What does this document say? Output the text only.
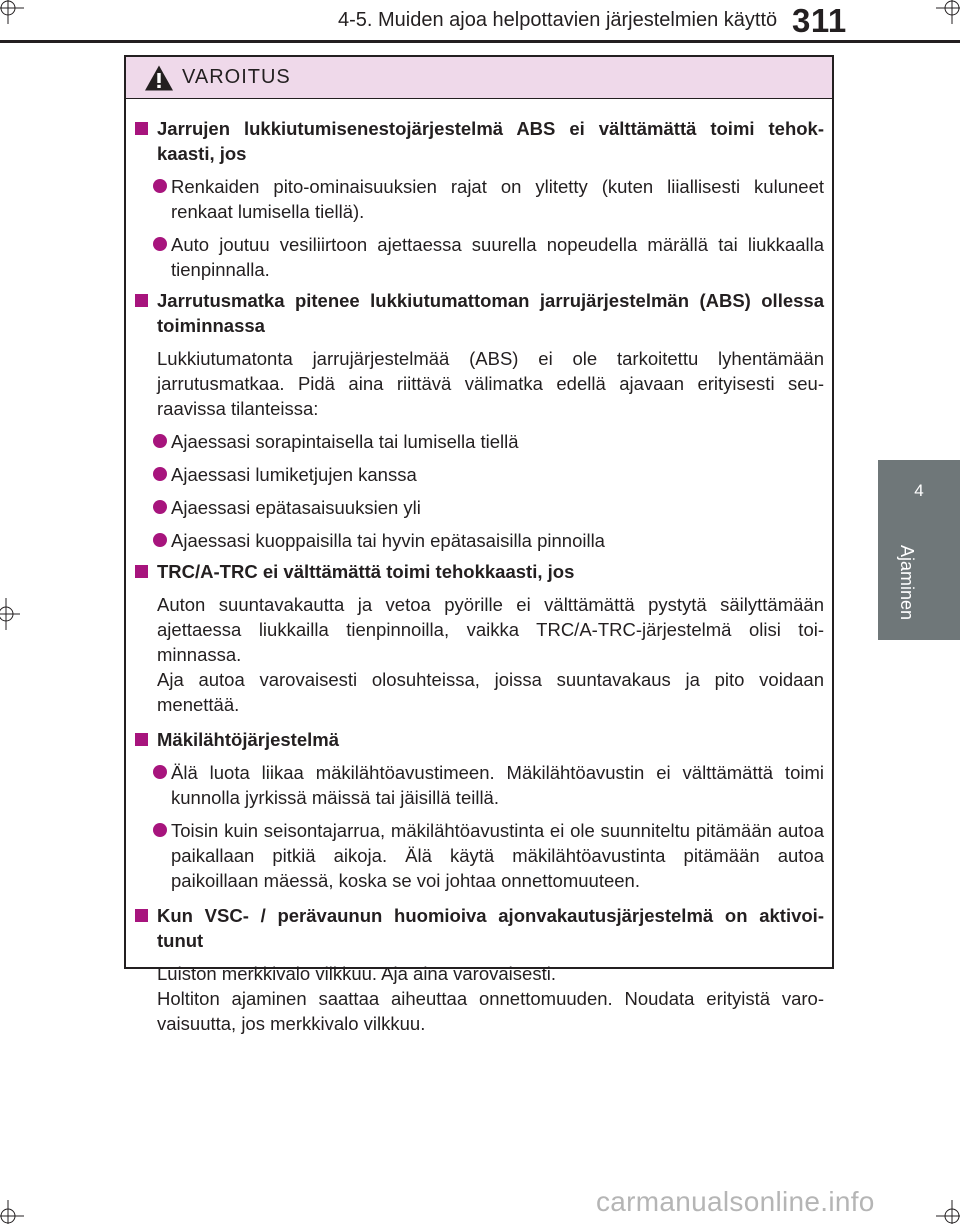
4-5. Muiden ajoa helpottavien järjestelmien käyttö 311
4
Ajaminen
VAROITUS
Jarrujen lukkiutumisenestojärjestelmä ABS ei välttämättä toimi tehok-kaasti, jos
Renkaiden pito-ominaisuuksien rajat on ylitetty (kuten liiallisesti kuluneet renkaat lumisella tiellä).
Auto joutuu vesiliirtoon ajettaessa suurella nopeudella märällä tai liukkaalla tienpinnalla.
Jarrutusmatka pitenee lukkiutumattoman jarrujärjestelmän (ABS) ollessa toiminnassa
Lukkiutumatonta jarrujärjestelmää (ABS) ei ole tarkoitettu lyhentämään jarrutusmatkaa. Pidä aina riittävä välimatka edellä ajavaan erityisesti seu-raavissa tilanteissa:
Ajaessasi sorapintaisella tai lumisella tiellä
Ajaessasi lumiketjujen kanssa
Ajaessasi epätasaisuuksien yli
Ajaessasi kuoppaisilla tai hyvin epätasaisilla pinnoilla
TRC/A-TRC ei välttämättä toimi tehokkaasti, jos
Auton suuntavakautta ja vetoa pyörille ei välttämättä pystytä säilyttämään ajettaessa liukkailla tienpinnoilla, vaikka TRC/A-TRC-järjestelmä olisi toi-minnassa.
Aja autoa varovaisesti olosuhteissa, joissa suuntavakaus ja pito voidaan menettää.
Mäkilähtöjärjestelmä
Älä luota liikaa mäkilähtöavustimeen. Mäkilähtöavustin ei välttämättä toimi kunnolla jyrkissä mäissä tai jäisillä teillä.
Toisin kuin seisontajarrua, mäkilähtöavustinta ei ole suunniteltu pitämään autoa paikallaan pitkiä aikoja. Älä käytä mäkilähtöavustinta pitämään autoa paikoillaan mäessä, koska se voi johtaa onnettomuuteen.
Kun VSC- / perävaunun huomioiva ajonvakautusjärjestelmä on aktivoi-tunut
Luiston merkkivalo vilkkuu. Aja aina varovaisesti.
Holtiton ajaminen saattaa aiheuttaa onnettomuuden. Noudata erityistä varo-vaisuutta, jos merkkivalo vilkkuu.
carmanualsonline.info
